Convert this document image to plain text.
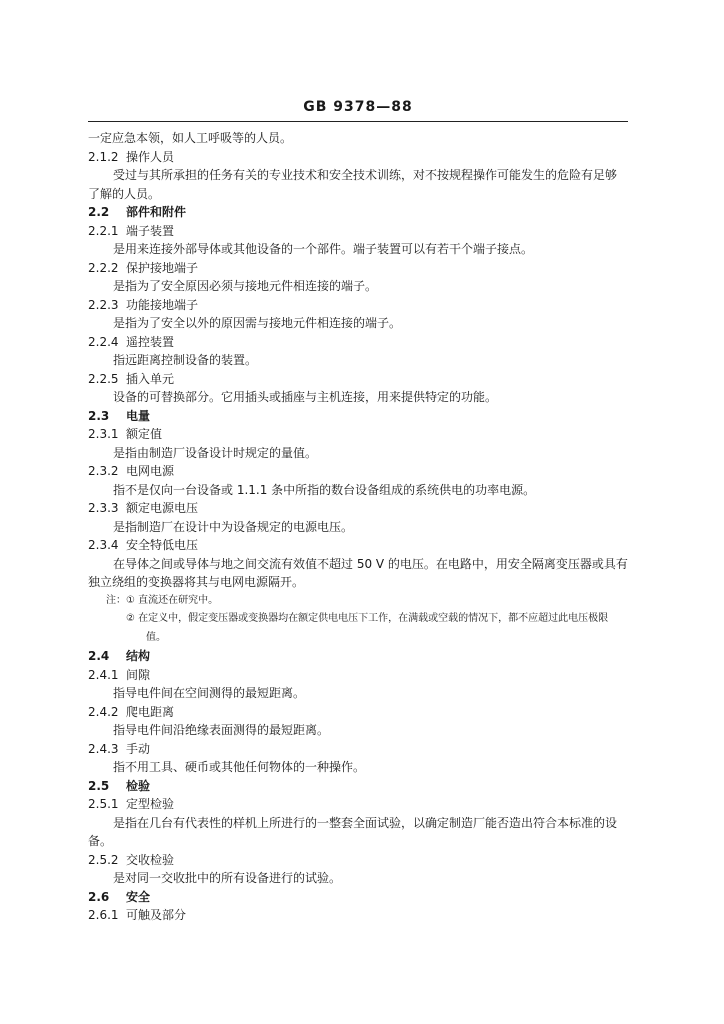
GB 9378—88
一定应急本领，如人工呼吸等的人员。
2.1.2 操作人员
受过与其所承担的任务有关的专业技术和安全技术训练，对不按规程操作可能发生的危险有足够
了解的人员。
2.2 部件和附件
2.2.1 端子装置
是用来连接外部导体或其他设备的一个部件。端子装置可以有若干个端子接点。
2.2.2 保护接地端子
是指为了安全原因必须与接地元件相连接的端子。
2.2.3 功能接地端子
是指为了安全以外的原因需与接地元件相连接的端子。
2.2.4 遥控装置
指远距离控制设备的装置。
2.2.5 插入单元
设备的可替换部分。它用插头或插座与主机连接，用来提供特定的功能。
2.3 电量
2.3.1 额定值
是指由制造厂设备设计时规定的量值。
2.3.2 电网电源
指不是仅向一台设备或 1.1.1 条中所指的数台设备组成的系统供电的功率电源。
2.3.3 额定电源电压
是指制造厂在设计中为设备规定的电源电压。
2.3.4 安全特低电压
在导体之间或导体与地之间交流有效值不超过 50 V 的电压。在电路中，用安全隔离变压器或具有
独立绕组的变换器将其与电网电源隔开。
注：① 直流还在研究中。
② 在定义中，假定变压器或变换器均在额定供电电压下工作，在满载或空载的情况下，都不应超过此电压极限
值。
2.4 结构
2.4.1 间隙
指导电件间在空间测得的最短距离。
2.4.2 爬电距离
指导电件间沿绝缘表面测得的最短距离。
2.4.3 手动
指不用工具、硬币或其他任何物体的一种操作。
2.5 检验
2.5.1 定型检验
是指在几台有代表性的样机上所进行的一整套全面试验，以确定制造厂能否造出符合本标准的设
备。
2.5.2 交收检验
是对同一交收批中的所有设备进行的试验。
2.6 安全
2.6.1 可触及部分
